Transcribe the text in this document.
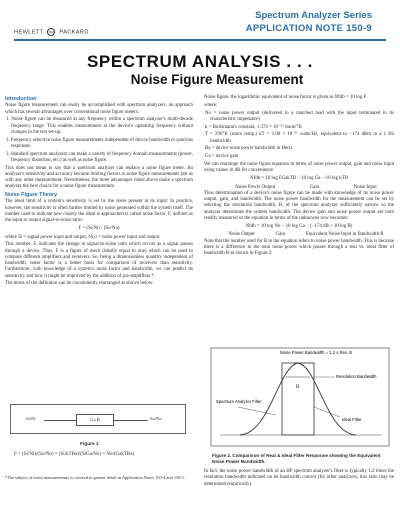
HEWLETT hp PACKARD
Spectrum Analyzer Series
APPLICATION NOTE 150-9
SPECTRUM ANALYSIS . . .
Noise Figure Measurement
Introduction

Noise figure measurement can easily be accomplished with spectrum analyzers, an approach which has several advantages over conventional noise figure meters:

1. Noise figure can be measured at any frequency within a spectrum analyzer's multi-decade frequency range. This enables measurement at the device's operating frequency without changes in the test set-up.

2. Frequency selective noise figure measurements independent of device bandwidth or spurious responses.

3. Standard spectrum analyzers can make a variety of frequency domain measurements (power, frequency distortion, etc.) as well as noise figure.

This does not mean to say that a spectrum analyzer can replace a noise figure meter. An analyzer's sensitivity and accuracy become limiting factors in noise figure measurements just as with any other measurement. Nevertheless, the three advantages listed above make a spectrum analyzer the best choice for a noise figure measurement.

Noise Figure Theory

The ideal limit of a system's sensitivity is set by the noise present at its input. In practice, however, the sensitivity is often further limited by noise generated within the system itself. The number used to indicate how closely the ideal is approached is called noise factor, F, defined as the input to output signal-to-noise ratio:

F = (Si/Ni) / (So/No)

where Si = signal power input and output, Ni,o = noise power input and output.

This number, F, indicates the change in signal-to-noise ratio which occurs as a signal passes through a device. Thus, F is a figure of merit (ideally equal to one) which can be used to compare different amplifiers and receivers. So, being a dimensionless quantity independent of bandwidth, noise factor is a better basis for comparison of receivers than sensitivity. Furthermore, with knowledge of a system's noise factor and bandwidth, we can predict its sensitivity and how it might be improved by the addition of pre-amplifiers.*

The terms of the definition can be conveniently rearranged as shown below:

Si/Ni	Ga B	So/No
Figure 1
F = (Si/Ni)/(So/No) = (Si/kTBa)/(SiGa/No) = No/(GakTBa)
*The subject of noise measurements is covered in greater detail in Application Notes 150-4 and 150-1.

Noise figure, the logarithmic equivalent of noise factor is given as Nfdb = 10 log F

where:

No = noise power output (delivered to a matched load with the input terminated in its characteristic impedance)

k = Boltzmann's constant, 1.374 × 10⁻²³ Joule/°K

T = 290°K (room temp.) kT = 3.98 × 10⁻²¹ watts/Hz, equivalent to −174 dBm in a 1 Hz bandwidth

Ba = device noise power bandwidth in Hertz

Ga = device gain

We can rearrange the noise figure equation in terms of noise power output, gain and noise input using values in dB for convenience:

Nfdb = 10 log FGakTB − 10 log Ga − 10 log kTB
Noise Power Output	Gain	Noise Input

Thus determination of a device's noise figure can be made with knowledge of its noise power output, gain, and bandwidth. The noise power bandwidth for the measurement can be set by selecting the resolution bandwidth, B, of the spectrum analyzer sufficiently narrow so the analyzer determines the system bandwidth. The device gain and noise power output are both readily measured so the equation in terms of the unknowns now becomes:

Nfdb = 10 log No − 10 log Ga − (−174 dB + 10 log B)
Noise Output	Gain	Equivalent Noise Input in Bandwidth B

Note that the number used for B in the equation refers to noise power bandwidth. This is because there is a difference in the total noise power which passes through a real vs. ideal filter of bandwidth B as shown in Figure 2:

Noise Power Bandwidth = 1.2 x Res. B
Resolution Bandwidth
B
Spectrum Analyzer Filter
Ideal Filter
Figure 2. Comparison of Real & Ideal Filter Response showing the Equivalent Noise Power Bandwidth.
In fact, the noise power bandwidth of an HP spectrum analyzer's filter is typically 1.2 times the resolution bandwidth indicated on its bandwidth control (for other analyzers, this ratio may be determined empirically).
